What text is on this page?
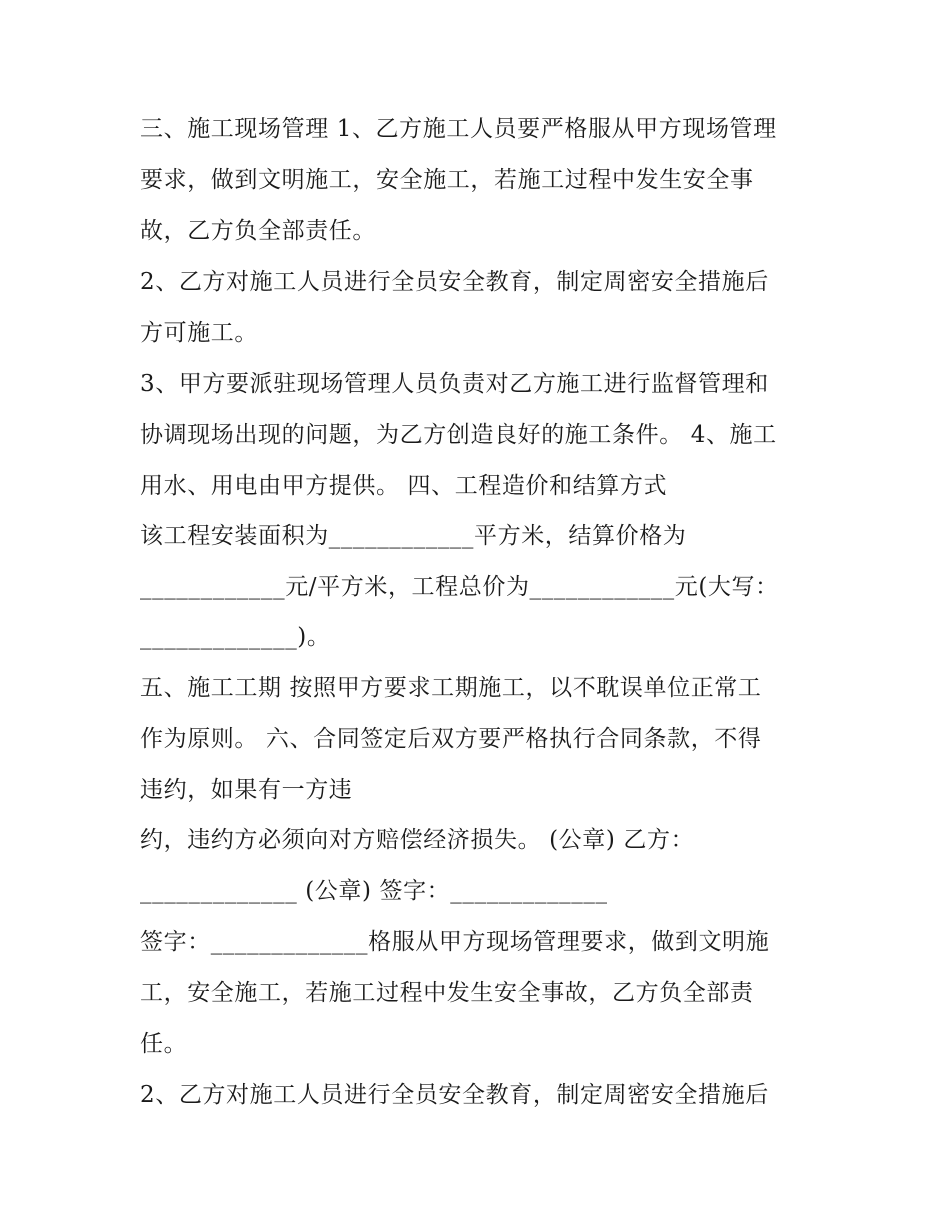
三、施工现场管理 1、乙方施工人员要严格服从甲方现场管理

要求，做到文明施工，安全施工，若施工过程中发生安全事

故，乙方负全部责任。

2、乙方对施工人员进行全员安全教育，制定周密安全措施后

方可施工。

3、甲方要派驻现场管理人员负责对乙方施工进行监督管理和

协调现场出现的问题，为乙方创造良好的施工条件。 4、施工

用水、用电由甲方提供。 四、工程造价和结算方式

该工程安装面积为____________平方米，结算价格为

____________元/平方米，工程总价为____________元(大写：

_____________)。

五、施工工期 按照甲方要求工期施工，以不耽误单位正常工

作为原则。 六、合同签定后双方要严格执行合同条款，不得

违约，如果有一方违

约，违约方必须向对方赔偿经济损失。 (公章) 乙方：

_____________ (公章) 签字：_____________

签字：_____________格服从甲方现场管理要求，做到文明施

工，安全施工，若施工过程中发生安全事故，乙方负全部责

任。

2、乙方对施工人员进行全员安全教育，制定周密安全措施后
